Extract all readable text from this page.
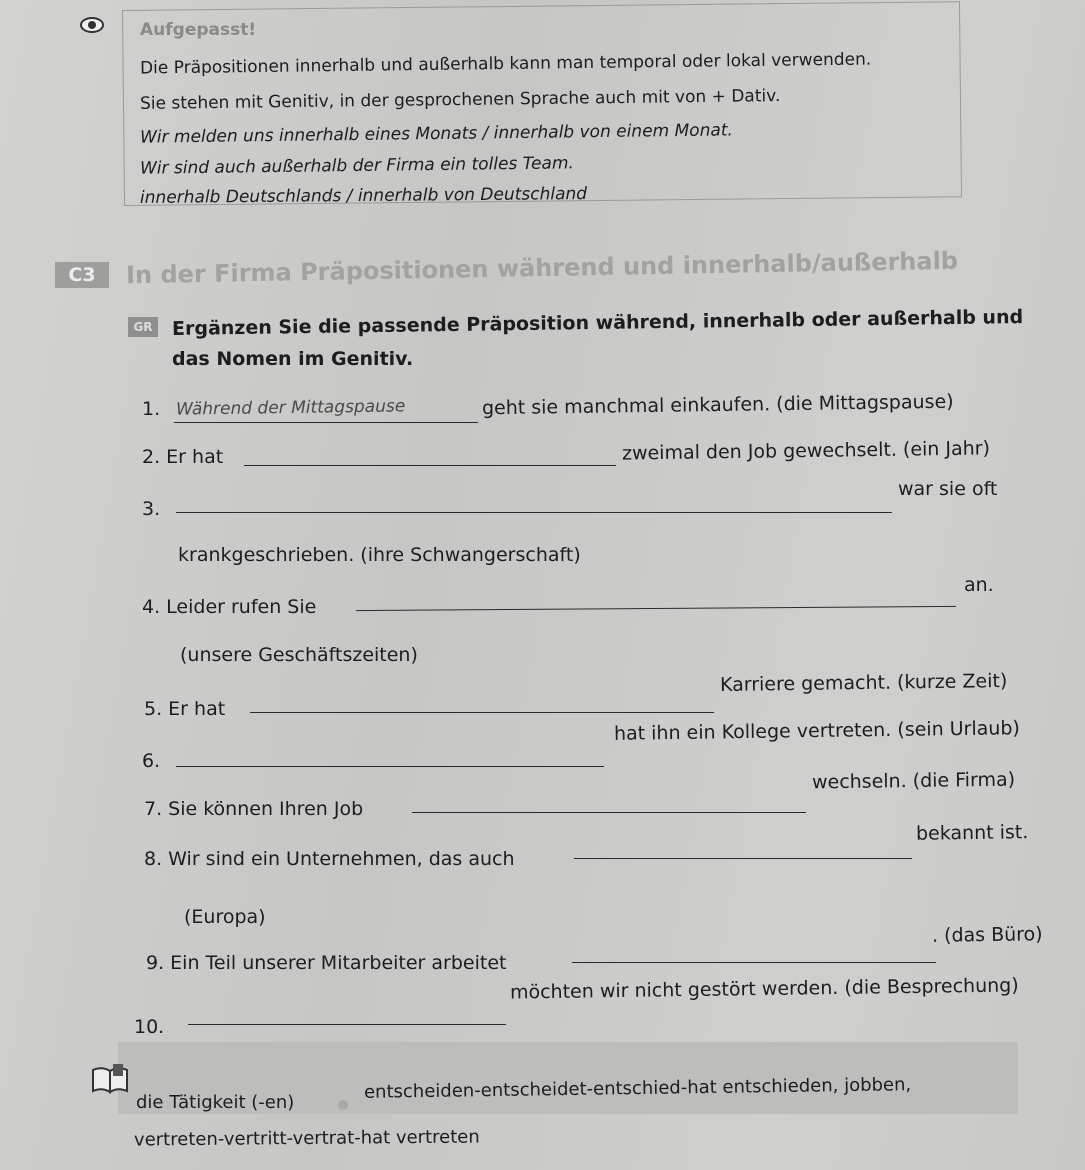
Aufgepasst!
Die Präpositionen innerhalb und außerhalb kann man temporal oder lokal verwenden.
Sie stehen mit Genitiv, in der gesprochenen Sprache auch mit von + Dativ.
Wir melden uns innerhalb eines Monats / innerhalb von einem Monat.
Wir sind auch außerhalb der Firma ein tolles Team.
innerhalb Deutschlands / innerhalb von Deutschland
C3	In der Firma Präpositionen während und innerhalb/außerhalb
GR Ergänzen Sie die passende Präposition während, innerhalb oder außerhalb und
das Nomen im Genitiv.
1. Während der Mittagspause	geht sie manchmal einkaufen. (die Mittagspause)
2. Er hat	zweimal den Job gewechselt. (ein Jahr)
3.
war sie oft
krankgeschrieben. (ihre Schwangerschaft)
4. Leider rufen Sie
an.
(unsere Geschäftszeiten)
5. Er hat
Karriere gemacht. (kurze Zeit)
6.
hat ihn ein Kollege vertreten. (sein Urlaub)
7. Sie können Ihren Job
wechseln. (die Firma)
8. Wir sind ein Unternehmen, das auch
bekannt ist.
(Europa)
9. Ein Teil unserer Mitarbeiter arbeitet
. (das Büro)
10.
möchten wir nicht gestört werden. (die Besprechung)
die Tätigkeit (-en)	entscheiden-entscheidet-entschied-hat entschieden, jobben,
vertreten-vertritt-vertrat-hat vertreten
